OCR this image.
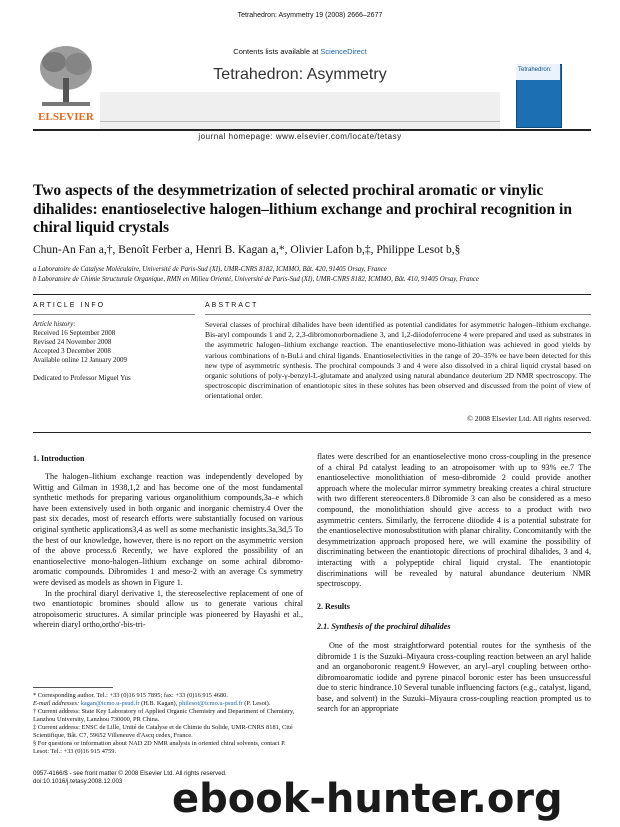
Tetrahedron: Asymmetry 19 (2008) 2666–2677
ELSEVIER
Contents lists available at ScienceDirect
Tetrahedron: Asymmetry
journal homepage: www.elsevier.com/locate/tetasy
Tetrahedron:
Two aspects of the desymmetrization of selected prochiral aromatic or vinylic dihalides: enantioselective halogen–lithium exchange and prochiral recognition in chiral liquid crystals
Chun-An Fan a,†, Benoît Ferber a, Henri B. Kagan a,*, Olivier Lafon b,‡, Philippe Lesot b,§
a Laboratoire de Catalyse Moléculaire, Université de Paris-Sud (XI), UMR-CNRS 8182, ICMMO, Bât. 420, 91405 Orsay, France
b Laboratoire de Chimie Structurale Organique, RMN en Milieu Orienté, Université de Paris-Sud (XI), UMR-CNRS 8182, ICMMO, Bât. 410, 91405 Orsay, France
ARTICLE INFO	ABSTRACT
Article history:
Received 16 September 2008
Revised 24 November 2008
Accepted 3 December 2008
Available online 12 January 2009
Dedicated to Professor Miguel Yus
Several classes of prochiral dihalides have been identified as potential candidates for asymmetric halogen–lithium exchange. Bis-aryl compounds 1 and 2, 2,3-dibromonorbornadiene 3, and 1,2-diiodoferrocene 4 were prepared and used as substrates in the asymmetric halogen–lithium exchange reaction. The enantioselective mono-lithiation was achieved in good yields by various combinations of n-BuLi and chiral ligands. Enantioselectivities in the range of 20–35% ee have been detected for this new type of asymmetric synthesis. The prochiral compounds 3 and 4 were also dissolved in a chiral liquid crystal based on organic solutions of poly-γ-benzyl-L-glutamate and analyzed using natural abundance deuterium 2D NMR spectroscopy. The spectroscopic discrimination of enantiotopic sites in these solutes has been observed and discussed from the point of view of orientational order.
© 2008 Elsevier Ltd. All rights reserved.
1. Introduction

The halogen–lithium exchange reaction was independently developed by Wittig and Gilman in 1938,1,2 and has become one of the most fundamental synthetic methods for preparing various organolithium compounds,3a–e which have been extensively used in both organic and inorganic chemistry.4 Over the past six decades, most of research efforts were substantially focused on various original synthetic applications3,4 as well as some mechanistic insights.3a,3d,5 To the best of our knowledge, however, there is no report on the asymmetric version of the above process.6 Recently, we have explored the possibility of an enantioselective mono-halogen–lithium exchange on some achiral dibromo-aromatic compounds. Dibromides 1 and meso-2 with an average Cs symmetry were devised as models as shown in Figure 1.

In the prochiral diaryl derivative 1, the stereoselective replacement of one of two enantiotopic bromines should allow us to generate various chiral atropoisomeric structures. A similar principle was pioneered by Hayashi et al., wherein diaryl ortho,ortho'-bis-tri-

* Corresponding author. Tel.: +33 (0)16 915 7895; fax: +33 (0)16 915 4680.
E-mail addresses: kagan@icmo.u-psud.fr (H.B. Kagan), philesot@icmo.u-psud.fr (P. Lesot).
† Current address: State Key Laboratory of Applied Organic Chemistry and Department of Chemistry, Lanzhou University, Lanzhou 730000, PR China.
‡ Current address: ENSC de Lille, Unité de Catalyse et de Chimie du Solide, UMR-CNRS 8181, Cité Scientifique, Bât. C7, 59652 Villeneuve d'Ascq cedex, France.
§ For questions or information about NAD 2D NMR analysis in oriented chiral solvents, contact P. Lesot: Tel.: +33 (0)16 915 4759.
0957-4166/$ - see front matter © 2008 Elsevier Ltd. All rights reserved.
doi:10.1016/j.tetasy.2008.12.003

flates were described for an enantioselective mono cross-coupling in the presence of a chiral Pd catalyst leading to an atropoisomer with up to 93% ee.7 The enantioselective monolithiation of meso-dibromide 2 could provide another approach where the molecular mirror symmetry breaking creates a chiral structure with two different stereocenters.8 Dibromide 3 can also be considered as a meso compound, the monolithiation should give access to a product with two asymmetric centers. Similarly, the ferrocene diiodide 4 is a potential substrate for the enantioselective monosubstitution with planar chirality. Concomitantly with the desymmetrization approach proposed here, we will examine the possibility of discriminating between the enantiotopic directions of prochiral dihalides, 3 and 4, interacting with a polypeptide chiral liquid crystal. The enantiotopic discriminations will be revealed by natural abundance deuterium NMR spectroscopy.

2. Results
2.1. Synthesis of the prochiral dihalides

One of the most straightforward potential routes for the synthesis of the dibromide 1 is the Suzuki–Miyaura cross-coupling reaction between an aryl halide and an organoboronic reagent.9 However, an aryl–aryl coupling between ortho-dibromoaromatic iodide and pyrene pinacol boronic ester has been unsuccessful due to steric hindrance.10 Several tunable influencing factors (e.g., catalyst, ligand, base, and solvent) in the Suzuki–Miyaura cross-coupling reaction prompted us to search for an appropriate

ebook-hunter.org
